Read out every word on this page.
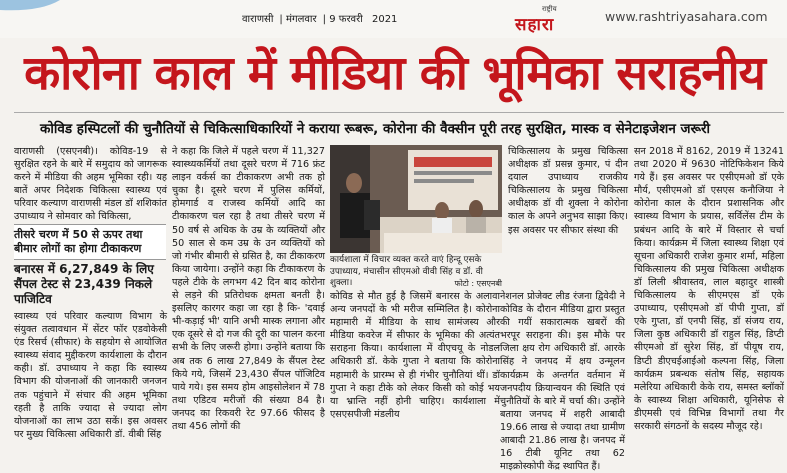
वाराणसी | मंगलवार | 9 फरवरी 2021
राष्ट्रीय
सहारा	www.rashtriyasahara.com
कोरोना काल में मीडिया की भूमिका सराहनीय
कोविड हस्पिटलों की चुनौतियों से चिकित्साधिकारियों ने कराया रूबरू, कोरोना की वैक्सीन पूरी तरह सुरक्षित, मास्क व सेनेटाइजेशन जरूरी
वाराणसी (एसएनबी)। कोविड-19 से सुरक्षित रहने के बारे में समुदाय को जागरूक करने में मीडिया की अहम भूमिका रही। यह बातें अपर निदेशक चिकित्सा स्वास्थ्य एवं परिवार कल्याण वाराणसी मंडल डॉ शशिकांत उपाध्याय ने सोमवार को चिकित्सा,
तीसरे चरण में 50 से ऊपर तथा बीमार लोगों का होगा टीकाकरण
बनारस में 6,27,849 के लिए सैंपल टेस्ट से 23,439 निकले पाजिटिव
स्वास्थ्य एवं परिवार कल्याण विभाग के संयुक्त तत्वावधान में सेंटर फॉर एडवोकेसी एंड रिसर्च (सीफार) के सहयोग से आयोजित स्वास्थ्य संवाद मुद्दीकरण कार्यशाला के दौरान कही। डॉ. उपाध्याय ने कहा कि स्वास्थ्य विभाग की योजनाओं की जानकारी जनजन तक पहुंचाने में संचार की अहम भूमिका रहती है ताकि ज्यादा से ज्यादा लोग योजनाओं का लाभ उठा सकें। इस अवसर पर मुख्य चिकित्सा अधिकारी डॉ. वीबी सिंह
ने कहा कि जिले में पहले चरण में 11,327 स्वास्थ्यकर्मियों तथा दूसरे चरण में 716 फ्रंट लाइन वर्कर्स का टीकाकरण अभी तक हो चुका है। दूसरे चरण में पुलिस कर्मियों, होमगार्ड व राजस्व कर्मियों आदि का टीकाकरण चल रहा है तथा तीसरे चरण में 50 वर्ष से अधिक के उम्र के व्यक्तियों और 50 साल से कम उम्र के उन व्यक्तियों को जो गंभीर बीमारी से ग्रसित है, का टीकाकरण किया जायेगा। उन्होंने कहा कि टीकाकरण के पहले टीके के लगभग 42 दिन बाद कोरोना से लड़ने की प्रतिरोधक क्षमता बनती है। इसलिए कारगर कहा जा रहा है कि- 'दवाई भी-कड़ाई भी' यानि अभी मास्क लगाना और एक दूसरे से दो गज की दूरी का पालन करना सभी के लिए जरूरी होगा। उन्होंने बताया कि अब तक 6 लाख 27,849 के सैंपल टेस्ट किये गये, जिसमें 23,430 सैंपल पॉजिटिव पाये गये। इस समय होम आइसोलेशन में 78 तथा एडिटव मरीजों की संख्या 84 है। जनपद का रिकवरी रेट 97.66 फीसद है तथा 456 लोगों की
कार्यशाला में विचार व्यक्त करते वाएं हिन्दू एसके उपाध्याय, मंचासीन सीएमओ वीवी सिंह व डॉ. वी शुक्ला।	फोटो : एसएनबी
कोविड से मौत हुई है जिसमें बनारस के अलावा अन्य जनपदों के भी मरीज सम्मिलित है। कोरोना महामारी में मीडिया के साथ सामंजस्य और मीडिया कवरेज में सीफार के भूमिका की अत्यंत सराहना किया। कार्यशाला में वीएचयू के नोडल अधिकारी डॉ. केके गुप्ता ने बताया कि कोरोना महामारी के प्रारम्भ से ही गंभीर चुनौतियां थीं। डॉ गुप्ता ने कहा टीके को लेकर किसी को कोई भय या भ्रान्ति नहीं होनी चाहिए। कार्यशाला में एसएसपीजी मंडलीय
चिकित्सालय के प्रमुख चिकित्सा अधीक्षक डॉ प्रसन्न कुमार, पं दीन दयाल उपाध्याय राजकीय चिकित्सालय के प्रमुख चिकित्सा अधीक्षक डॉ वी शुक्ला ने कोरोना काल के अपने अनुभव साझा किए। इस अवसर पर सीफार संस्था की
नेशनल प्रोजेक्ट लीड रंजना द्विवेदी ने कोविड के दौरान मीडिया द्वारा प्रस्तुत की गयीं सकारात्मक खबरों की भरपूर सराहना की। इस मौके पर जिला क्षय रोग अधिकारी डॉ. आरके सिंह ने जनपद में क्षय उन्मूलन कार्यक्रम के अन्तर्गत वर्तमान में जनपदीय क्रियान्वयन की स्थिति एवं चुनौतियों के बारे में चर्चा की। उन्होंने बताया जनपद में शहरी आबादी 19.66 लाख से ज्यादा तथा ग्रामीण आबादी 21.86 लाख है। जनपद में 16 टीबी यूनिट तथा 62 माइक्रोस्कोपी केंद्र स्थापित हैं।
सन 2018 में 8162, 2019 में 13241 तथा 2020 में 9630 नोटिफिकेशन किये गये हैं। इस अवसर पर एसीएमओ डॉ एके मौर्य, एसीएमओ डॉ एसएस कनौजिया ने कोरोना काल के दौरान प्रशासनिक और स्वास्थ्य विभाग के प्रयास, सर्विलेंस टीम के प्रबंधन आदि के बारे में विस्तार से चर्चा किया। कार्यक्रम में जिला स्वास्थ्य शिक्षा एवं सूचना अधिकारी राजेश कुमार शर्मा, महिला चिकित्सालय की प्रमुख चिकित्सा अधीक्षक डॉ लिली श्रीवास्तव, लाल बहादुर शास्त्री चिकित्सालय के सीएमएस डॉ एके उपाध्याय, एसीएमओ डॉ पीपी गुप्ता, डॉ एके गुप्ता, डॉ एनपी सिंह, डॉ संजय राय, जिला कुष्ठ अधिकारी डॉ राहुल सिंह, डिप्टी सीएमओ डॉ सुरेश सिंह, डॉ पीयूष राय, डिप्टी डीएचईआईओ कल्पना सिंह, जिला कार्यक्रम प्रबन्धक संतोष सिंह, सहायक मलेरिया अधिकारी केके राय, समस्त ब्लॉकों के स्वास्थ्य शिक्षा अधिकारी, यूनिसेफ से डीएमसी एवं विभिन्न विभागों तथा गैर सरकारी संगठनों के सदस्य मौजूद रहे।
